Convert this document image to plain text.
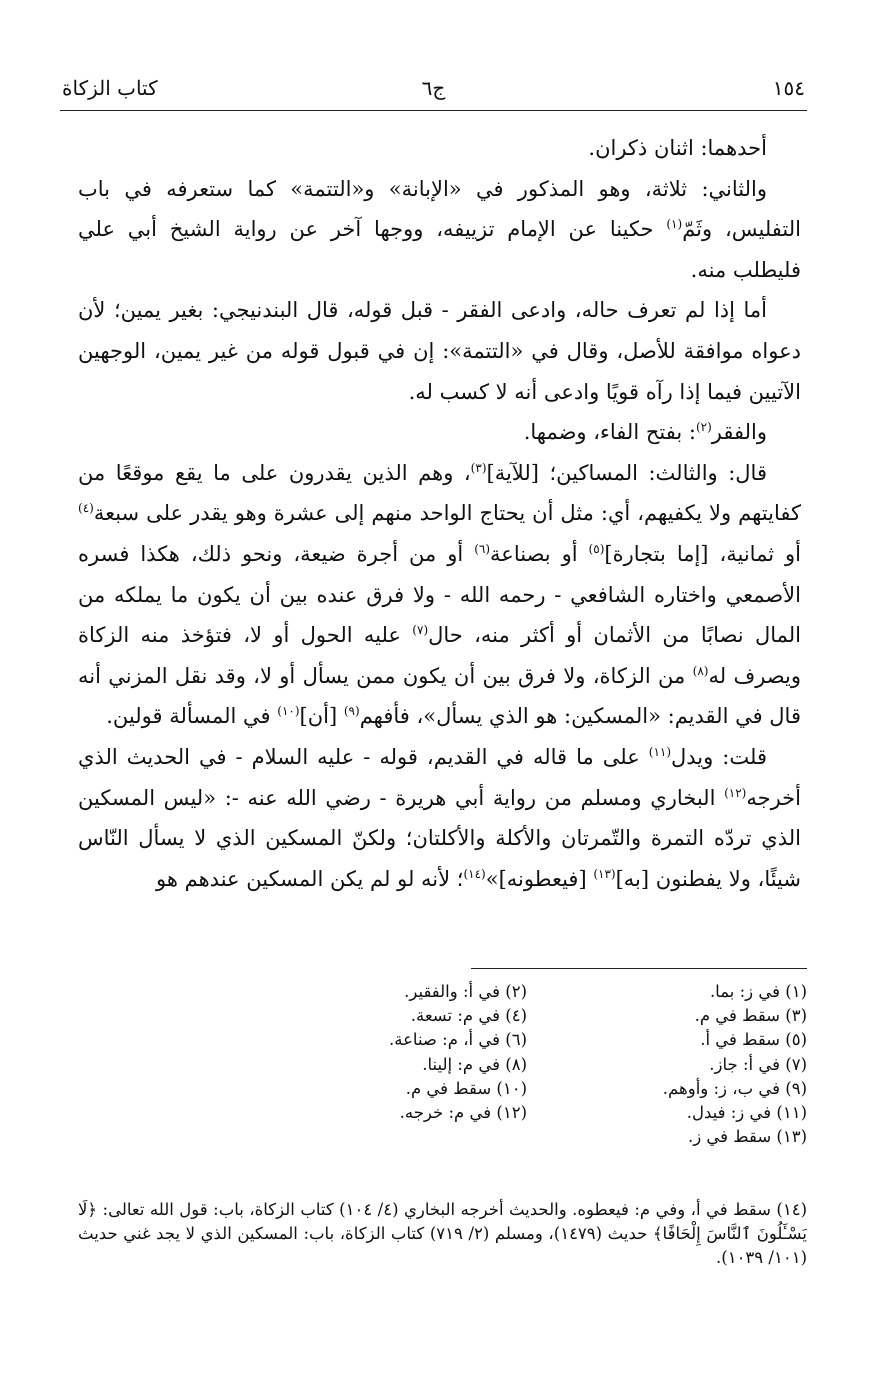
١٥٤
ج٦
كتاب الزكاة

أحدهما: اثنان ذكران.

والثاني: ثلاثة، وهو المذكور في «الإبانة» و«التتمة» كما ستعرفه في باب التفليس، وثَمّ$^{(١)}$ حكينا عن الإمام تزييفه، ووجها آخر عن رواية الشيخ أبي علي فليطلب منه.

أما إذا لم تعرف حاله، وادعى الفقر - قبل قوله، قال البندنيجي: بغير يمين؛ لأن دعواه موافقة للأصل، وقال في «التتمة»: إن في قبول قوله من غير يمين، الوجهين الآتيين فيما إذا رآه قويًا وادعى أنه لا كسب له.

والفقر$^{(٢)}$: بفتح الفاء، وضمها.

قال: والثالث: المساكين؛ [للآية]$^{(٣)}$، وهم الذين يقدرون على ما يقع موقعًا من كفايتهم ولا يكفيهم، أي: مثل أن يحتاج الواحد منهم إلى عشرة وهو يقدر على سبعة$^{(٤)}$ أو ثمانية، [إما بتجارة]$^{(٥)}$ أو بصناعة$^{(٦)}$ أو من أجرة ضيعة، ونحو ذلك، هكذا فسره الأصمعي واختاره الشافعي - رحمه الله - ولا فرق عنده بين أن يكون ما يملكه من المال نصابًا من الأثمان أو أكثر منه، حال$^{(٧)}$ عليه الحول أو لا، فتؤخذ منه الزكاة ويصرف له$^{(٨)}$ من الزكاة، ولا فرق بين أن يكون ممن يسأل أو لا، وقد نقل المزني أنه قال في القديم: «المسكين: هو الذي يسأل»، فأفهم$^{(٩)}$ [أن]$^{(١٠)}$ في المسألة قولين.

قلت: ويدل$^{(١١)}$ على ما قاله في القديم، قوله - عليه السلام - في الحديث الذي أخرجه$^{(١٢)}$ البخاري ومسلم من رواية أبي هريرة - رضي الله عنه -: «ليس المسكين الذي تردّه التمرة والتّمرتان والأكلة والأكلتان؛ ولكنّ المسكين الذي لا يسأل النّاس شيئًا، ولا يفطنون [به]$^{(١٣)}$ [فيعطونه]»$^{(١٤)}$؛ لأنه لو لم يكن المسكين عندهم هو

(١) في ز: بما.
(٢) في أ: والفقير.
(٣) سقط في م.
(٤) في م: تسعة.
(٥) سقط في أ.
(٦) في أ، م: صناعة.
(٧) في أ: جاز.
(٨) في م: إلينا.
(٩) في ب، ز: وأوهم.
(١٠) سقط في م.
(١١) في ز: فيدل.
(١٢) في م: خرجه.
(١٣) سقط في ز.
(١٤) سقط في أ، وفي م: فيعطوه. والحديث أخرجه البخاري (٤/ ١٠٤) كتاب الزكاة، باب: قول الله تعالى: ﴿لَا يَسْـَٔلُونَ ٱلنَّاسَ إِلْحَافًا﴾ حديث (١٤٧٩)، ومسلم (٢/ ٧١٩) كتاب الزكاة، باب: المسكين الذي لا يجد غني حديث (١٠١/ ١٠٣٩).
